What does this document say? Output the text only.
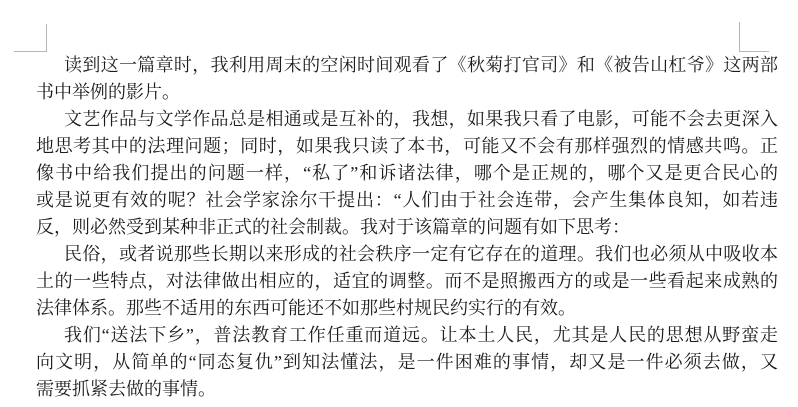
读到这一篇章时，我利用周末的空闲时间观看了《秋菊打官司》和《被告山杠爷》这两部
书中举例的影片。
文艺作品与文学作品总是相通或是互补的，我想，如果我只看了电影，可能不会去更深入
地思考其中的法理问题；同时，如果我只读了本书，可能又不会有那样强烈的情感共鸣。正
像书中给我们提出的问题一样，“私了”和诉诸法律，哪个是正规的，哪个又是更合民心的
或是说更有效的呢？社会学家涂尔干提出：“人们由于社会连带，会产生集体良知，如若违
反，则必然受到某种非正式的社会制裁。我对于该篇章的问题有如下思考：
民俗，或者说那些长期以来形成的社会秩序一定有它存在的道理。我们也必须从中吸收本
土的一些特点，对法律做出相应的，适宜的调整。而不是照搬西方的或是一些看起来成熟的
法律体系。那些不适用的东西可能还不如那些村规民约实行的有效。
我们“送法下乡”，普法教育工作任重而道远。让本土人民，尤其是人民的思想从野蛮走
向文明，从简单的“同态复仇”到知法懂法，是一件困难的事情，却又是一件必须去做，又
需要抓紧去做的事情。
